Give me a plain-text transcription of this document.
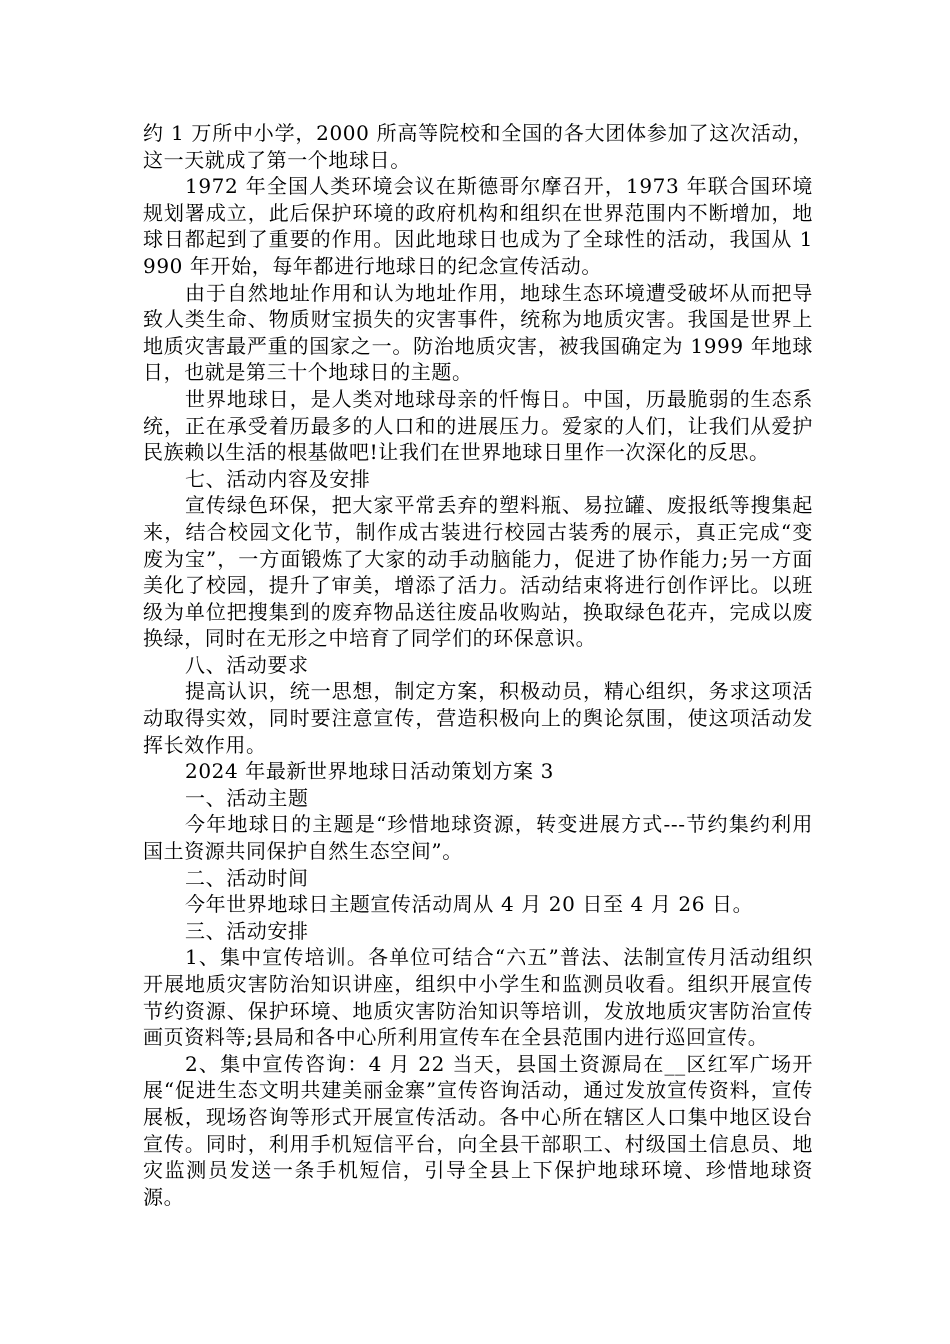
约 1 万所中小学，2000 所高等院校和全国的各大团体参加了这次活动，这一天就成了第一个地球日。

1972 年全国人类环境会议在斯德哥尔摩召开，1973 年联合国环境规划署成立，此后保护环境的政府机构和组织在世界范围内不断增加，地球日都起到了重要的作用。因此地球日也成为了全球性的活动，我国从 1990 年开始，每年都进行地球日的纪念宣传活动。

由于自然地址作用和认为地址作用，地球生态环境遭受破坏从而把导致人类生命、物质财宝损失的灾害事件，统称为地质灾害。我国是世界上地质灾害最严重的国家之一。防治地质灾害，被我国确定为 1999 年地球日，也就是第三十个地球日的主题。

世界地球日，是人类对地球母亲的忏悔日。中国，历最脆弱的生态系统，正在承受着历最多的人口和的进展压力。爱家的人们，让我们从爱护民族赖以生活的根基做吧!让我们在世界地球日里作一次深化的反思。

七、活动内容及安排

宣传绿色环保，把大家平常丢弃的塑料瓶、易拉罐、废报纸等搜集起来，结合校园文化节，制作成古装进行校园古装秀的展示，真正完成“变废为宝”，一方面锻炼了大家的动手动脑能力，促进了协作能力;另一方面美化了校园，提升了审美，增添了活力。活动结束将进行创作评比。以班级为单位把搜集到的废弃物品送往废品收购站，换取绿色花卉，完成以废换绿，同时在无形之中培育了同学们的环保意识。

八、活动要求

提高认识，统一思想，制定方案，积极动员，精心组织，务求这项活动取得实效，同时要注意宣传，营造积极向上的舆论氛围，使这项活动发挥长效作用。

2024 年最新世界地球日活动策划方案 3

一、活动主题

今年地球日的主题是“珍惜地球资源，转变进展方式---节约集约利用国土资源共同保护自然生态空间”。

二、活动时间

今年世界地球日主题宣传活动周从 4 月 20 日至 4 月 26 日。

三、活动安排

1、集中宣传培训。各单位可结合“六五”普法、法制宣传月活动组织开展地质灾害防治知识讲座，组织中小学生和监测员收看。组织开展宣传节约资源、保护环境、地质灾害防治知识等培训，发放地质灾害防治宣传画页资料等;县局和各中心所利用宣传车在全县范围内进行巡回宣传。

2、集中宣传咨询：4 月 22 当天，县国土资源局在__区红军广场开展“促进生态文明共建美丽金寨”宣传咨询活动，通过发放宣传资料，宣传展板，现场咨询等形式开展宣传活动。各中心所在辖区人口集中地区设台宣传。同时，利用手机短信平台，向全县干部职工、村级国土信息员、地灾监测员发送一条手机短信，引导全县上下保护地球环境、珍惜地球资源。
